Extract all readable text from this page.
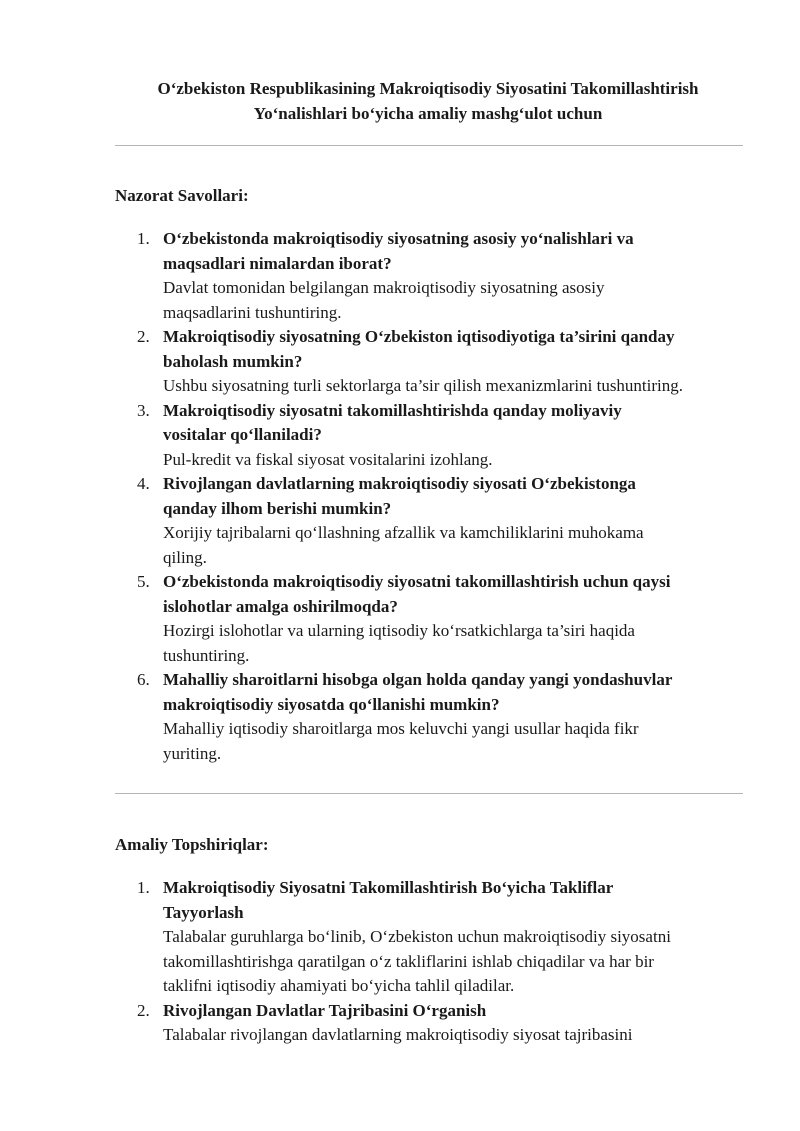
O‘zbekiston Respublikasining Makroiqtisodiy Siyosatini Takomillashtirish
Yo‘nalishlari bo‘yicha amaliy mashg‘ulot uchun
Nazorat Savollari:
1. O‘zbekistonda makroiqtisodiy siyosatning asosiy yo‘nalishlari va
maqsadlari nimalardan iborat?
Davlat tomonidan belgilangan makroiqtisodiy siyosatning asosiy
maqsadlarini tushuntiring.
2. Makroiqtisodiy siyosatning O‘zbekiston iqtisodiyotiga ta’sirini qanday
baholash mumkin?
Ushbu siyosatning turli sektorlarga ta’sir qilish mexanizmlarini tushuntiring.
3. Makroiqtisodiy siyosatni takomillashtirishda qanday moliyaviy
vositalar qo‘llaniladi?
Pul-kredit va fiskal siyosat vositalarini izohlang.
4. Rivojlangan davlatlarning makroiqtisodiy siyosati O‘zbekistonga
qanday ilhom berishi mumkin?
Xorijiy tajribalarni qo‘llashning afzallik va kamchiliklarini muhokama
qiling.
5. O‘zbekistonda makroiqtisodiy siyosatni takomillashtirish uchun qaysi
islohotlar amalga oshirilmoqda?
Hozirgi islohotlar va ularning iqtisodiy ko‘rsatkichlarga ta’siri haqida
tushuntiring.
6. Mahalliy sharoitlarni hisobga olgan holda qanday yangi yondashuvlar
makroiqtisodiy siyosatda qo‘llanishi mumkin?
Mahalliy iqtisodiy sharoitlarga mos keluvchi yangi usullar haqida fikr
yuriting.
Amaliy Topshiriqlar:
1. Makroiqtisodiy Siyosatni Takomillashtirish Bo‘yicha Takliflar
Tayyorlash
Talabalar guruhlarga bo‘linib, O‘zbekiston uchun makroiqtisodiy siyosatni
takomillashtirishga qaratilgan o‘z takliflarini ishlab chiqadilar va har bir
taklifni iqtisodiy ahamiyati bo‘yicha tahlil qiladilar.
2. Rivojlangan Davlatlar Tajribasini O‘rganish
Talabalar rivojlangan davlatlarning makroiqtisodiy siyosat tajribasini
